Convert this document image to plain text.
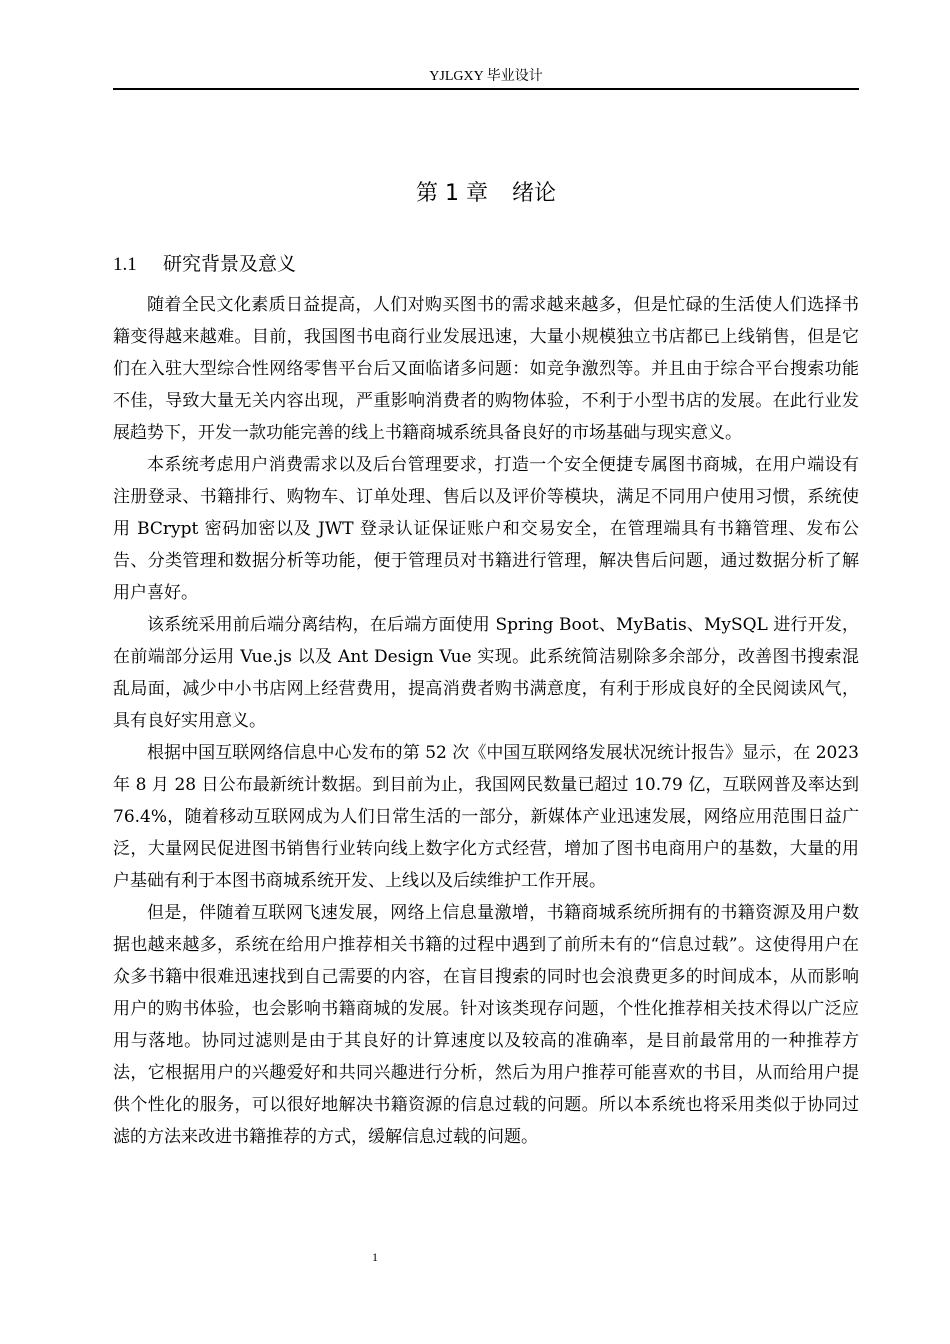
YJLGXY 毕业设计
第 1 章 绪论
1.1 研究背景及意义

随着全民文化素质日益提高，人们对购买图书的需求越来越多，但是忙碌的生活使人们选择书籍变得越来越难。目前，我国图书电商行业发展迅速，大量小规模独立书店都已上线销售，但是它们在入驻大型综合性网络零售平台后又面临诸多问题：如竞争激烈等。并且由于综合平台搜索功能不佳，导致大量无关内容出现，严重影响消费者的购物体验，不利于小型书店的发展。在此行业发展趋势下，开发一款功能完善的线上书籍商城系统具备良好的市场基础与现实意义。

本系统考虑用户消费需求以及后台管理要求，打造一个安全便捷专属图书商城，在用户端设有注册登录、书籍排行、购物车、订单处理、售后以及评价等模块，满足不同用户使用习惯，系统使用 BCrypt 密码加密以及 JWT 登录认证保证账户和交易安全，在管理端具有书籍管理、发布公告、分类管理和数据分析等功能，便于管理员对书籍进行管理，解决售后问题，通过数据分析了解用户喜好。

该系统采用前后端分离结构，在后端方面使用 Spring Boot、MyBatis、MySQL 进行开发，在前端部分运用 Vue.js 以及 Ant Design Vue 实现。此系统简洁剔除多余部分，改善图书搜索混乱局面，减少中小书店网上经营费用，提高消费者购书满意度，有利于形成良好的全民阅读风气，具有良好实用意义。

根据中国互联网络信息中心发布的第 52 次《中国互联网络发展状况统计报告》显示，在 2023 年 8 月 28 日公布最新统计数据。到目前为止，我国网民数量已超过 10.79 亿，互联网普及率达到 76.4%，随着移动互联网成为人们日常生活的一部分，新媒体产业迅速发展，网络应用范围日益广泛，大量网民促进图书销售行业转向线上数字化方式经营，增加了图书电商用户的基数，大量的用户基础有利于本图书商城系统开发、上线以及后续维护工作开展。

但是，伴随着互联网飞速发展，网络上信息量激增，书籍商城系统所拥有的书籍资源及用户数据也越来越多，系统在给用户推荐相关书籍的过程中遇到了前所未有的“信息过载”。这使得用户在众多书籍中很难迅速找到自己需要的内容，在盲目搜索的同时也会浪费更多的时间成本，从而影响用户的购书体验，也会影响书籍商城的发展。针对该类现存问题，个性化推荐相关技术得以广泛应用与落地。协同过滤则是由于其良好的计算速度以及较高的准确率，是目前最常用的一种推荐方法，它根据用户的兴趣爱好和共同兴趣进行分析，然后为用户推荐可能喜欢的书目，从而给用户提供个性化的服务，可以很好地解决书籍资源的信息过载的问题。所以本系统也将采用类似于协同过滤的方法来改进书籍推荐的方式，缓解信息过载的问题。

1
